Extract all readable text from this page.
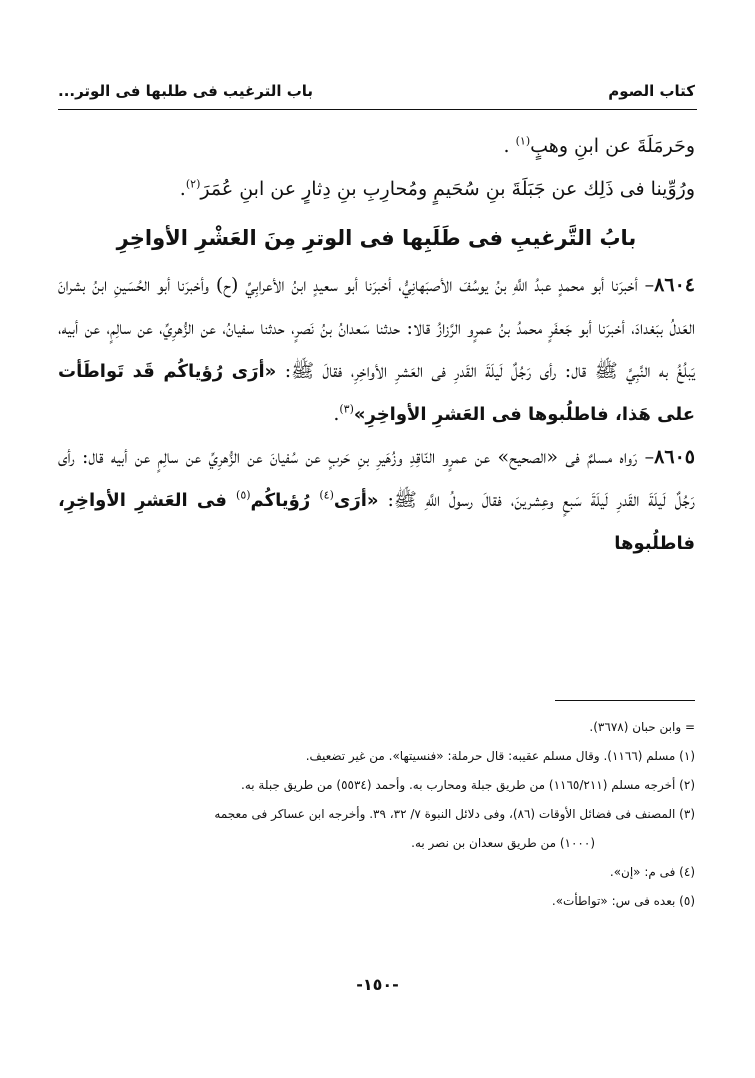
كتاب الصوم
باب الترغيب فى طلبها فى الوتر...

وحَرمَلَةَ عن ابنِ وهبٍ$^{(١)}$ .

ورُوِّينا فى ذَلِك عن جَبَلَةَ بنِ سُحَيمٍ ومُحارِبِ بنِ دِثارٍ عن ابنِ عُمَرَ$^{(٢)}$.

بابُ التَّرغيبِ فى طَلَبِها فى الوترِ مِنَ العَشْرِ الأواخِرِ

٨٦٠٤– أخبرَنا أبو محمدٍ عبدُ اللَّهِ بنُ يوسُفَ الأصبَهانِيُّ، أخبرَنا أبو سعيدٍ ابنُ الأعرابِيِّ (ح) وأخبرَنا أبو الحُسَينِ ابنُ بشرانَ العَدلُ ببَغدادَ، أخبرَنا أبو جَعفَرٍ محمدُ بنُ عمرٍو الرَّزازُ قالا: حدثنا سَعدانُ بنُ نَصرٍ، حدثنا سفيانُ، عن الزُّهرِيِّ، عن سالِمٍ، عن أبيه، يَبلُغُ به النَّبِيَّ ﷺ قال: رأى رَجُلٌ لَيلَةَ القَدرِ فى العَشرِ الأواخِرِ، فقالَ ﷺ: «أرَى رُؤياكُم قَد تَواطَأت على هَذا، فاطلُبوها فى العَشرِ الأواخِرِ»$^{(٣)}$.

٨٦٠٥– رَواه مسلمٌ فى «الصحيح» عن عمرٍو النّاقِدِ وزُهَيرِ بنِ حَربٍ عن سُفيانَ عن الزُّهرِيِّ عن سالِمٍ عن أبيه قال: رأى رَجُلٌ لَيلَةَ القَدرِ لَيلَةَ سَبعٍ وعِشرينَ، فقالَ رسولُ اللَّهِ ﷺ: «أرَى$^{(٤)}$ رُؤياكُم$^{(٥)}$ فى العَشرِ الأواخِرِ، فاطلُبوها

= وابن حبان (٣٦٧٨).

(١) مسلم (١١٦٦). وقال مسلم عقيبه: قال حرملة: «فنسيتها». من غير تضعيف.

(٢) أخرجه مسلم (١١٦٥/٢١١) من طريق جبلة ومحارب به. وأحمد (٥٥٣٤) من طريق جبلة به.

(٣) المصنف فى فضائل الأوقات (٨٦)، وفى دلائل النبوة ٧/ ٣٢، ٣٩. وأخرجه ابن عساكر فى معجمه

(١٠٠٠) من طريق سعدان بن نصر به.

(٤) فى م: «إن».

(٥) بعده فى س: «تواطأت».

-١٥٠-
